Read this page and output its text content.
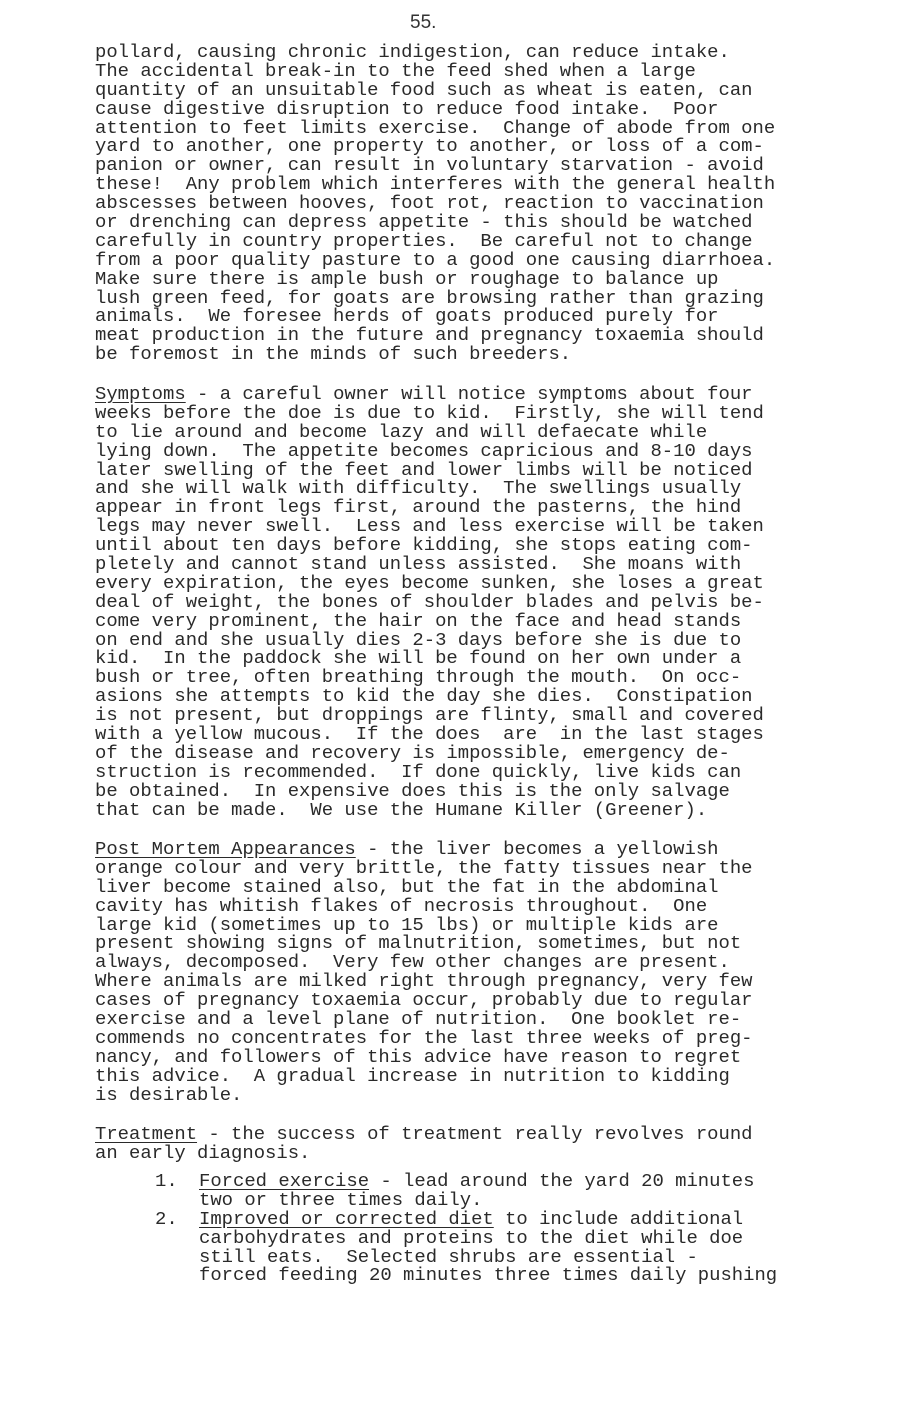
55.
pollard, causing chronic indigestion, can reduce intake.
The accidental break-in to the feed shed when a large
quantity of an unsuitable food such as wheat is eaten, can
cause digestive disruption to reduce food intake.  Poor
attention to feet limits exercise.  Change of abode from one
yard to another, one property to another, or loss of a com-
panion or owner, can result in voluntary starvation - avoid
these!  Any problem which interferes with the general health
abscesses between hooves, foot rot, reaction to vaccination
or drenching can depress appetite - this should be watched
carefully in country properties.  Be careful not to change
from a poor quality pasture to a good one causing diarrhoea.
Make sure there is ample bush or roughage to balance up
lush green feed, for goats are browsing rather than grazing
animals.  We foresee herds of goats produced purely for
meat production in the future and pregnancy toxaemia should
be foremost in the minds of such breeders.
Symptoms - a careful owner will notice symptoms about four
weeks before the doe is due to kid.  Firstly, she will tend
to lie around and become lazy and will defaecate while
lying down.  The appetite becomes capricious and 8-10 days
later swelling of the feet and lower limbs will be noticed
and she will walk with difficulty.  The swellings usually
appear in front legs first, around the pasterns, the hind
legs may never swell.  Less and less exercise will be taken
until about ten days before kidding, she stops eating com-
pletely and cannot stand unless assisted.  She moans with
every expiration, the eyes become sunken, she loses a great
deal of weight, the bones of shoulder blades and pelvis be-
come very prominent, the hair on the face and head stands
on end and she usually dies 2-3 days before she is due to
kid.  In the paddock she will be found on her own under a
bush or tree, often breathing through the mouth.  On occ-
asions she attempts to kid the day she dies.  Constipation
is not present, but droppings are flinty, small and covered
with a yellow mucous.  If the does  are  in the last stages
of the disease and recovery is impossible, emergency de-
struction is recommended.  If done quickly, live kids can
be obtained.  In expensive does this is the only salvage
that can be made.  We use the Humane Killer (Greener).
Post Mortem Appearances - the liver becomes a yellowish
orange colour and very brittle, the fatty tissues near the
liver become stained also, but the fat in the abdominal
cavity has whitish flakes of necrosis throughout.  One
large kid (sometimes up to 15 lbs) or multiple kids are
present showing signs of malnutrition, sometimes, but not
always, decomposed.  Very few other changes are present.
Where animals are milked right through pregnancy, very few
cases of pregnancy toxaemia occur, probably due to regular
exercise and a level plane of nutrition.  One booklet re-
commends no concentrates for the last three weeks of preg-
nancy, and followers of this advice have reason to regret
this advice.  A gradual increase in nutrition to kidding
is desirable.
Treatment - the success of treatment really revolves round
an early diagnosis.
1. Forced exercise - lead around the yard 20 minutes
two or three times daily.
2. Improved or corrected diet to include additional
carbohydrates and proteins to the diet while doe
still eats.  Selected shrubs are essential -
forced feeding 20 minutes three times daily pushing
